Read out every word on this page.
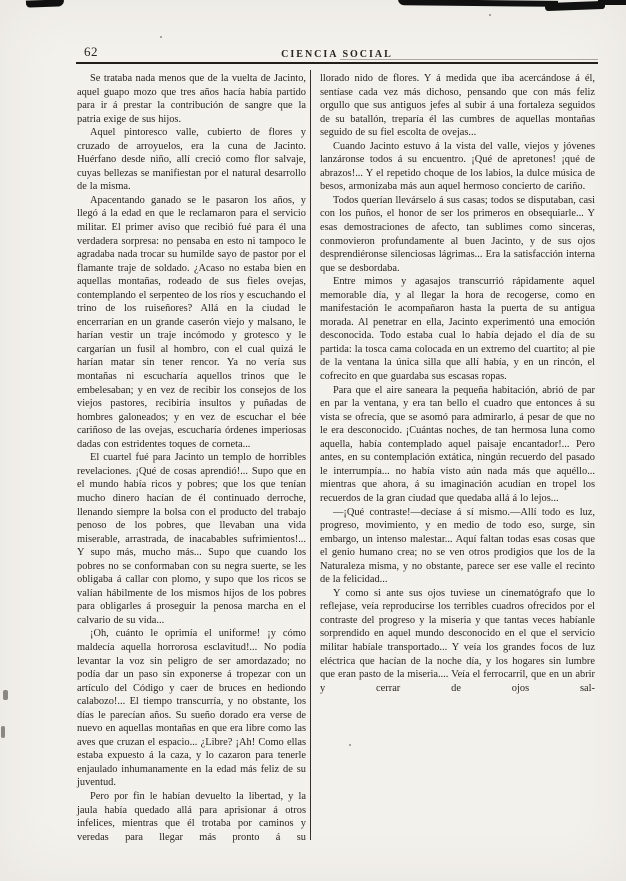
62	CIENCIA SOCIAL

Se trataba nada menos que de la vuelta de Jacinto, aquel guapo mozo que tres años hacía había partido para ir á prestar la contribución de sangre que la patria exige de sus hijos.

Aquel pintoresco valle, cubierto de flores y cruzado de arroyuelos, era la cuna de Jacinto. Huérfano desde niño, allí creció como flor salvaje, cuyas bellezas se manifiestan por el natural desarrollo de la misma.

Apacentando ganado se le pasaron los años, y llegó á la edad en que le reclamaron para el servicio militar. El primer aviso que recibió fué para él una verdadera sorpresa: no pensaba en esto ni tampoco le agradaba nada trocar su humilde sayo de pastor por el flamante traje de soldado. ¿Acaso no estaba bien en aquellas montañas, rodeado de sus fieles ovejas, contemplando el serpenteo de los ríos y escuchando el trino de los ruiseñores? Allá en la ciudad le encerrarían en un grande caserón viejo y malsano, le harían vestir un traje incómodo y grotesco y le cargarían un fusil al hombro, con el cual quizá le harían matar sin tener rencor. Ya no vería sus montañas ni escucharía aquellos trinos que le embelesaban; y en vez de recibir los consejos de los viejos pastores, recibiría insultos y puñadas de hombres galoneados; y en vez de escuchar el bée cariñoso de las ovejas, escucharía órdenes imperiosas dadas con estridentes toques de corneta...

El cuartel fué para Jacinto un templo de horribles revelaciones. ¡Qué de cosas aprendió!... Supo que en el mundo había ricos y pobres; que los que tenían mucho dinero hacían de él continuado derroche, llenando siempre la bolsa con el producto del trabajo penoso de los pobres, que llevaban una vida miserable, arrastrada, de inacabables sufrimientos!... Y supo más, mucho más... Supo que cuando los pobres no se conformaban con su negra suerte, se les obligaba á callar con plomo, y supo que los ricos se valían hábilmente de los mismos hijos de los pobres para obligarles á proseguir la penosa marcha en el calvario de su vida...

¡Oh, cuánto le oprimía el uniforme! ¡y cómo maldecía aquella horrorosa esclavitud!... No podía levantar la voz sin peligro de ser amordazado; no podía dar un paso sin exponerse á tropezar con un artículo del Código y caer de bruces en hediondo calabozo!... El tiempo transcurría, y no obstante, los días le parecían años. Su sueño dorado era verse de nuevo en aquellas montañas en que era libre como las aves que cruzan el espacio... ¿Libre? ¡Ah! Como ellas estaba expuesto á la caza, y lo cazaron para tenerle enjaulado inhumanamente en la edad más feliz de su juventud.

Pero por fin le habían devuelto la libertad, y la jaula había quedado allá para aprisionar á otros infelices, mientras que él trotaba por caminos y veredas para llegar más pronto á su

llorado nido de flores. Y á medida que iba acercándose á él, sentíase cada vez más dichoso, pensando que con más feliz orgullo que sus antiguos jefes al subir á una fortaleza seguidos de su batallón, treparía él las cumbres de aquellas montañas seguido de su fiel escolta de ovejas...

Cuando Jacinto estuvo á la vista del valle, viejos y jóvenes lanzáronse todos á su encuentro. ¡Qué de apretones! ¡qué de abrazos!... Y el repetido choque de los labios, la dulce música de besos, armonizaba más aun aquel hermoso concierto de cariño.

Todos querían llevárselo á sus casas; todos se disputaban, casi con los puños, el honor de ser los primeros en obsequiarle... Y esas demostraciones de afecto, tan sublimes como sinceras, conmovieron profundamente al buen Jacinto, y de sus ojos desprendiéronse silenciosas lágrimas... Era la satisfacción interna que se desbordaba.

Entre mimos y agasajos transcurrió rápidamente aquel memorable día, y al llegar la hora de recogerse, como en manifestación le acompañaron hasta la puerta de su antigua morada. Al penetrar en ella, Jacinto experimentó una emoción desconocida. Todo estaba cual lo había dejado el día de su partida: la tosca cama colocada en un extremo del cuartito; al pie de la ventana la única silla que allí había, y en un rincón, el cofrecito en que guardaba sus escasas ropas.

Para que el aire saneara la pequeña habitación, abrió de par en par la ventana, y era tan bello el cuadro que entonces á su vista se ofrecía, que se asomó para admirarlo, á pesar de que no le era desconocido. ¡Cuántas noches, de tan hermosa luna como aquella, había contemplado aquel paisaje encantador!... Pero antes, en su contemplación extática, ningún recuerdo del pasado le interrumpía... no había visto aún nada más que aquéllo... mientras que ahora, á su imaginación acudían en tropel los recuerdos de la gran ciudad que quedaba allá á lo lejos...

—¡Qué contraste!—decíase á sí mismo.—Allí todo es luz, progreso, movimiento, y en medio de todo eso, surge, sin embargo, un intenso malestar... Aquí faltan todas esas cosas que el genio humano crea; no se ven otros prodigios que los de la Naturaleza misma, y no obstante, parece ser ese valle el recinto de la felicidad...

Y como si ante sus ojos tuviese un cinematógrafo que lo reflejase, veía reproducirse los terribles cuadros ofrecidos por el contraste del progreso y la miseria y que tantas veces habíanle sorprendido en aquel mundo desconocido en el que el servicio militar habíale transportado... Y veía los grandes focos de luz eléctrica que hacían de la noche día, y los hogares sin lumbre que eran pasto de la miseria.... Veía el ferrocarril, que en un abrir y cerrar de ojos sal-
